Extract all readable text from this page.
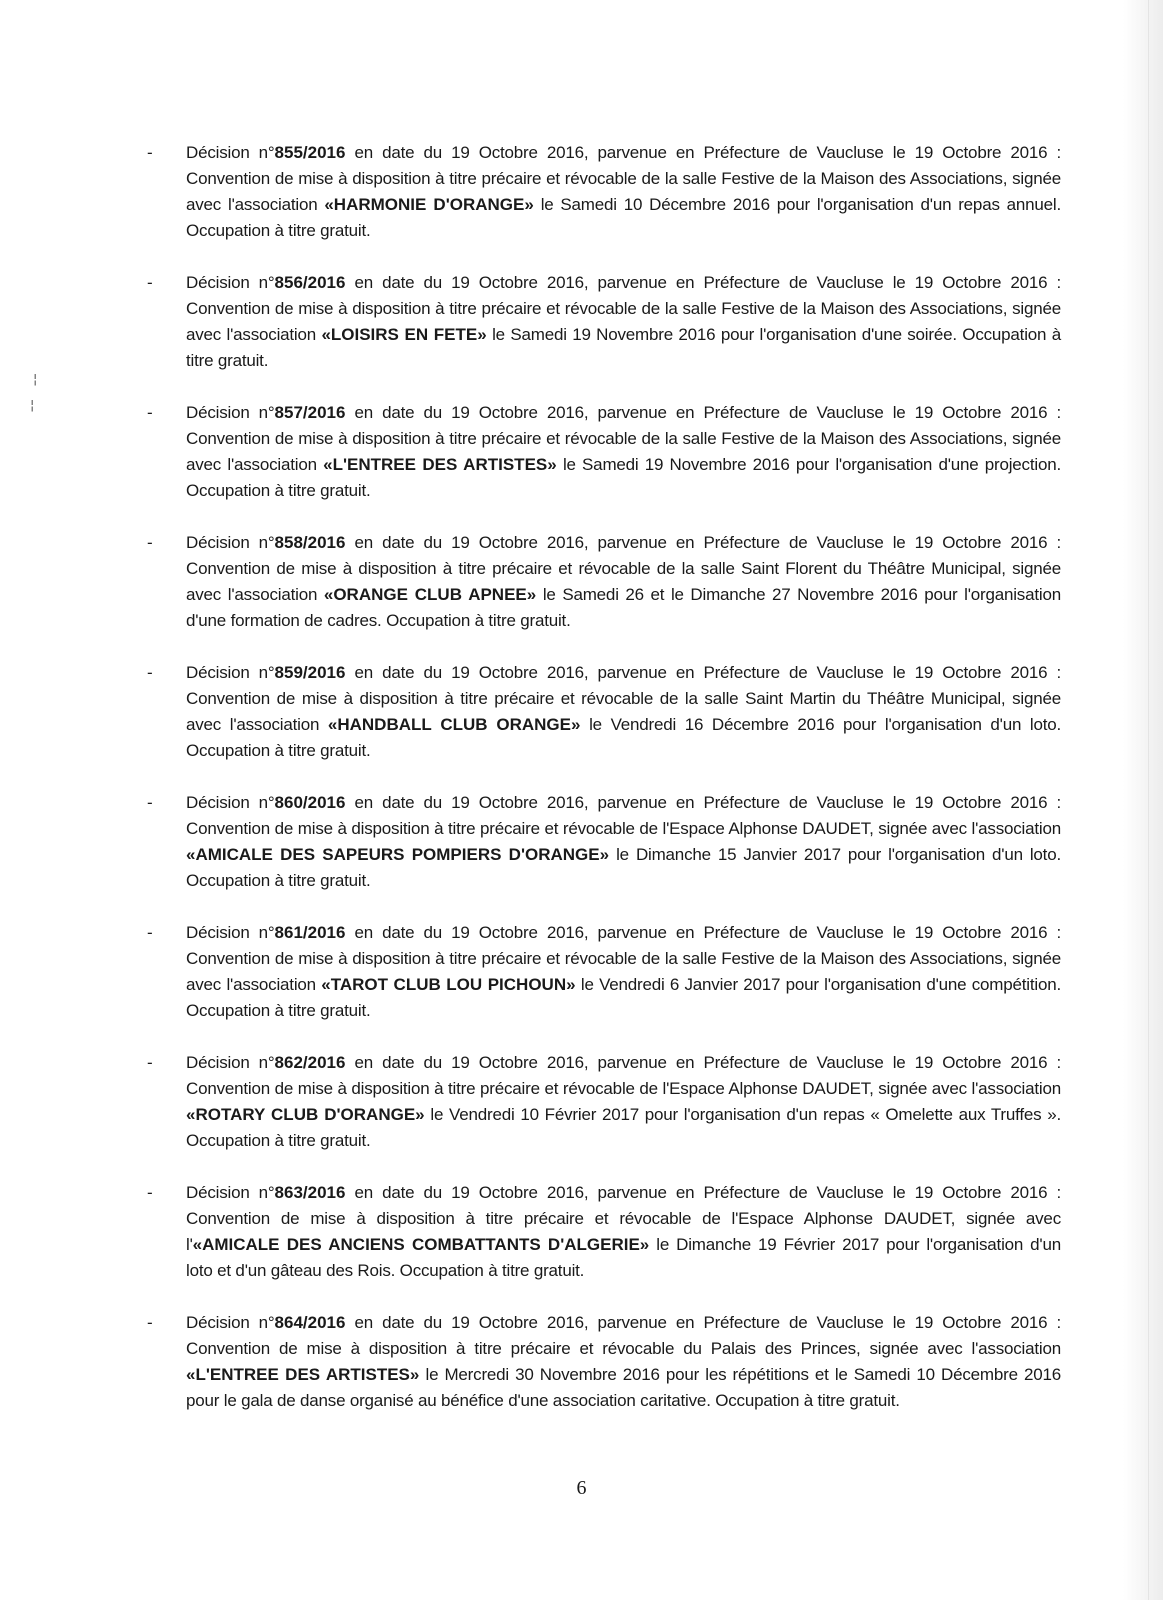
¦
¦
- Décision n°855/2016 en date du 19 Octobre 2016, parvenue en Préfecture de Vaucluse le 19 Octobre 2016 : Convention de mise à disposition à titre précaire et révocable de la salle Festive de la Maison des Associations, signée avec l'association «HARMONIE D'ORANGE» le Samedi 10 Décembre 2016 pour l'organisation d'un repas annuel. Occupation à titre gratuit.
- Décision n°856/2016 en date du 19 Octobre 2016, parvenue en Préfecture de Vaucluse le 19 Octobre 2016 : Convention de mise à disposition à titre précaire et révocable de la salle Festive de la Maison des Associations, signée avec l'association «LOISIRS EN FETE» le Samedi 19 Novembre 2016 pour l'organisation d'une soirée. Occupation à titre gratuit.
- Décision n°857/2016 en date du 19 Octobre 2016, parvenue en Préfecture de Vaucluse le 19 Octobre 2016 : Convention de mise à disposition à titre précaire et révocable de la salle Festive de la Maison des Associations, signée avec l'association «L'ENTREE DES ARTISTES» le Samedi 19 Novembre 2016 pour l'organisation d'une projection. Occupation à titre gratuit.
- Décision n°858/2016 en date du 19 Octobre 2016, parvenue en Préfecture de Vaucluse le 19 Octobre 2016 : Convention de mise à disposition à titre précaire et révocable de la salle Saint Florent du Théâtre Municipal, signée avec l'association «ORANGE CLUB APNEE» le Samedi 26 et le Dimanche 27 Novembre 2016 pour l'organisation d'une formation de cadres. Occupation à titre gratuit.
- Décision n°859/2016 en date du 19 Octobre 2016, parvenue en Préfecture de Vaucluse le 19 Octobre 2016 : Convention de mise à disposition à titre précaire et révocable de la salle Saint Martin du Théâtre Municipal, signée avec l'association «HANDBALL CLUB ORANGE» le Vendredi 16 Décembre 2016 pour l'organisation d'un loto. Occupation à titre gratuit.
- Décision n°860/2016 en date du 19 Octobre 2016, parvenue en Préfecture de Vaucluse le 19 Octobre 2016 : Convention de mise à disposition à titre précaire et révocable de l'Espace Alphonse DAUDET, signée avec l'association «AMICALE DES SAPEURS POMPIERS D'ORANGE» le Dimanche 15 Janvier 2017 pour l'organisation d'un loto. Occupation à titre gratuit.
- Décision n°861/2016 en date du 19 Octobre 2016, parvenue en Préfecture de Vaucluse le 19 Octobre 2016 : Convention de mise à disposition à titre précaire et révocable de la salle Festive de la Maison des Associations, signée avec l'association «TAROT CLUB LOU PICHOUN» le Vendredi 6 Janvier 2017 pour l'organisation d'une compétition. Occupation à titre gratuit.
- Décision n°862/2016 en date du 19 Octobre 2016, parvenue en Préfecture de Vaucluse le 19 Octobre 2016 : Convention de mise à disposition à titre précaire et révocable de l'Espace Alphonse DAUDET, signée avec l'association «ROTARY CLUB D'ORANGE» le Vendredi 10 Février 2017 pour l'organisation d'un repas « Omelette aux Truffes ». Occupation à titre gratuit.
- Décision n°863/2016 en date du 19 Octobre 2016, parvenue en Préfecture de Vaucluse le 19 Octobre 2016 : Convention de mise à disposition à titre précaire et révocable de l'Espace Alphonse DAUDET, signée avec l'«AMICALE DES ANCIENS COMBATTANTS D'ALGERIE» le Dimanche 19 Février 2017 pour l'organisation d'un loto et d'un gâteau des Rois. Occupation à titre gratuit.
- Décision n°864/2016 en date du 19 Octobre 2016, parvenue en Préfecture de Vaucluse le 19 Octobre 2016 : Convention de mise à disposition à titre précaire et révocable du Palais des Princes, signée avec l'association «L'ENTREE DES ARTISTES» le Mercredi 30 Novembre 2016 pour les répétitions et le Samedi 10 Décembre 2016 pour le gala de danse organisé au bénéfice d'une association caritative. Occupation à titre gratuit.
6
